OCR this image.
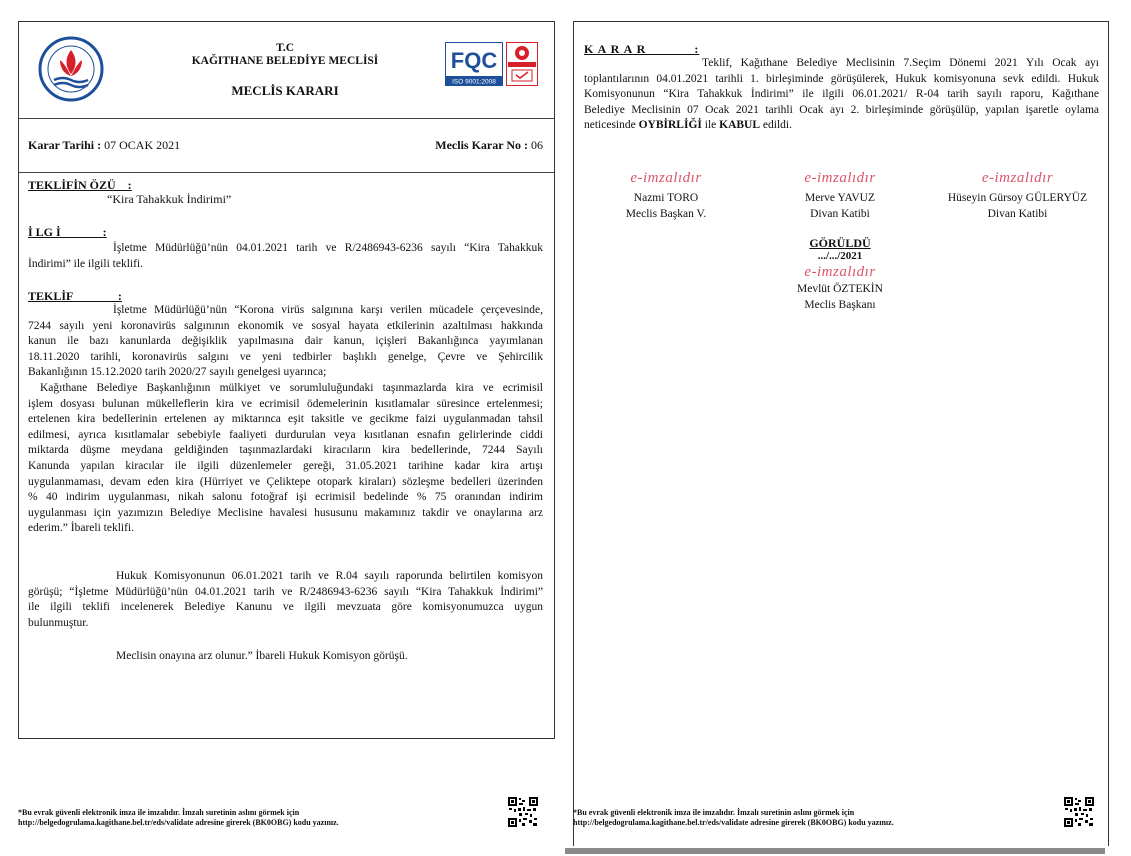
T.C
KAĞITHANE BELEDİYE MECLİSİ
MECLİS KARARI
FQC
ISO 9001:2008
Karar Tarihi : 07 OCAK 2021	Meclis Karar No : 06
TEKLİFİN ÖZÜ    :
“Kira Tahakkuk İndirimi”
İ LG İ              :
İşletme Müdürlüğü’nün 04.01.2021 tarih ve R/2486943-6236 sayılı “Kira Tahakkuk
İndirimi” ile ilgili teklifi.
TEKLİF               :
İşletme Müdürlüğü’nün “Korona virüs salgınına karşı verilen mücadele çerçevesinde,
7244 sayılı yeni koronavirüs salgınının ekonomik ve sosyal hayata etkilerinin azaltılması hakkında
kanun ile bazı kanunlarda değişiklik yapılmasına dair kanun, içişleri Bakanlığınca yayımlanan
18.11.2020 tarihli, koronavirüs salgını ve yeni tedbirler başlıklı genelge, Çevre ve Şehircilik
Bakanlığının 15.12.2020 tarih 2020/27 sayılı genelgesi uyarınca;
Kağıthane Belediye Başkanlığının mülkiyet ve sorumluluğundaki taşınmazlarda kira ve ecrimisil
işlem dosyası bulunan mükelleflerin kira ve ecrimisil ödemelerinin kısıtlamalar süresince ertelenmesi;
ertelenen kira bedellerinin ertelenen ay miktarınca eşit taksitle ve gecikme faizi uygulanmadan tahsil
edilmesi, ayrıca kısıtlamalar sebebiyle faaliyeti durdurulan veya kısıtlanan esnafın gelirlerinde ciddi
miktarda düşme meydana geldiğinden taşınmazlardaki kiracıların kira bedellerinde, 7244 Sayılı
Kanunda yapılan kiracılar ile ilgili düzenlemeler gereği, 31.05.2021 tarihine kadar kira artışı
uygulanmaması, devam eden kira (Hürriyet ve Çeliktepe otopark kiraları) sözleşme bedelleri üzerinden
% 40 indirim uygulanması, nikah salonu fotoğraf işi ecrimisil bedelinde % 75 oranından indirim
uygulanması için yazımızın Belediye Meclisine havalesi hususunu makamınız takdir ve onaylarına arz
ederim.” İbareli teklifi.
Hukuk Komisyonunun 06.01.2021 tarih ve R.04 sayılı raporunda belirtilen komisyon
görüşü; “İşletme Müdürlüğü’nün 04.01.2021 tarih ve R/2486943-6236 sayılı “Kira Tahakkuk İndirimi”
ile ilgili teklifi incelenerek Belediye Kanunu ve ilgili mevzuata göre komisyonumuzca uygun
bulunmuştur.
Meclisin onayına arz olunur.” İbareli Hukuk Komisyon görüşü.
*Bu evrak güvenli elektronik imza ile imzalıdır. İmzalı suretinin aslını görmek için
http://belgedogrulama.kagithane.bel.tr/eds/validate adresine girerek (BK0OBG) kodu yazınız.
K A R A R            :
Teklif, Kağıthane Belediye Meclisinin 7.Seçim Dönemi 2021 Yılı Ocak ayı
toplantılarının 04.01.2021 tarihli 1. birleşiminde görüşülerek, Hukuk komisyonuna sevk edildi. Hukuk
Komisyonunun “Kira Tahakkuk İndirimi” ile ilgili 06.01.2021/ R-04 tarih sayılı raporu, Kağıthane
Belediye Meclisinin 07 Ocak 2021 tarihli Ocak ayı 2. birleşiminde görüşülüp, yapılan işaretle oylama
neticesinde OYBİRLİĞİ ile KABUL edildi.
e-imzalıdır
Nazmi TORO
Meclis Başkan V.
e-imzalıdır
Merve YAVUZ
Divan Katibi
e-imzalıdır
Hüseyin Gürsoy GÜLERYÜZ
Divan Katibi
GÖRÜLDÜ
.../.../2021
e-imzalıdır
Mevlüt ÖZTEKİN
Meclis Başkanı
*Bu evrak güvenli elektronik imza ile imzalıdır. İmzalı suretinin aslını görmek için
http://belgedogrulama.kagithane.bel.tr/eds/validate adresine girerek (BK0OBG) kodu yazınız.
